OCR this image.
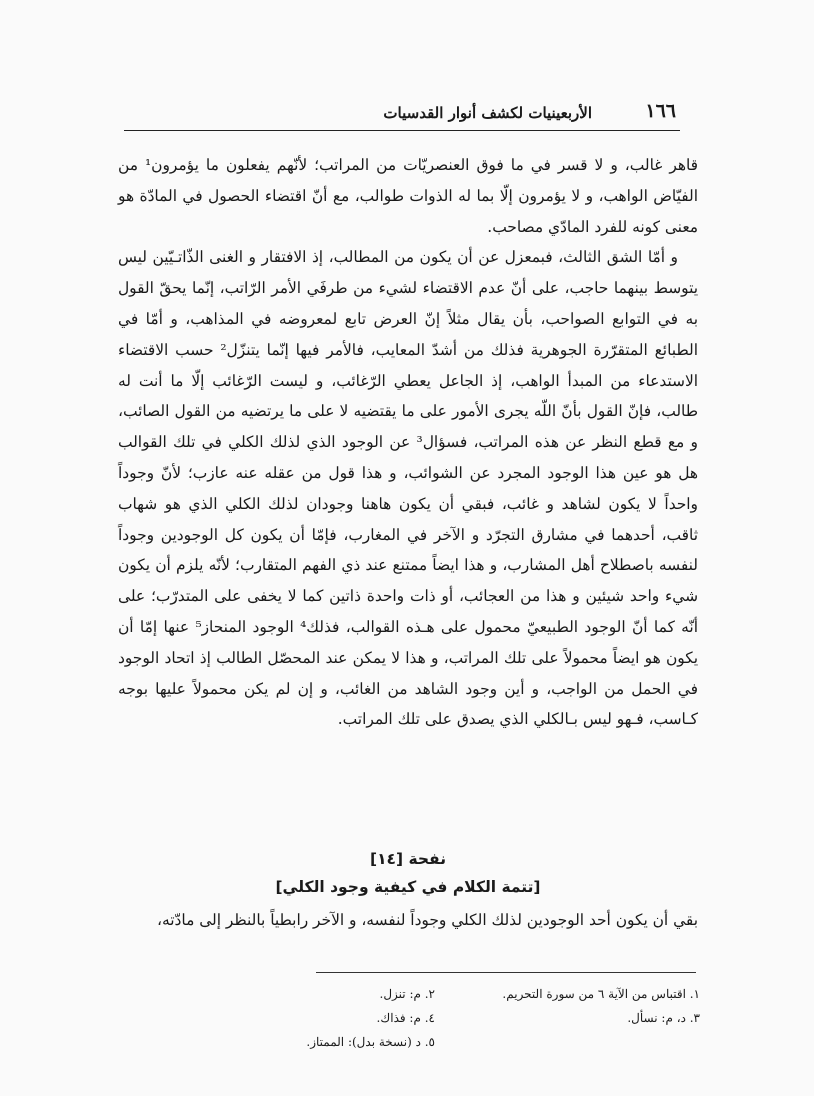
١٦٦
الأربعينيات لكشف أنوار القدسيات

قاهر غالب، و لا قسر في ما فوق العنصريّات من المراتب؛ لأنّهم يفعلون ما يؤمرون¹ من الفيّاض الواهب، و لا يؤمرون إلّا بما له الذوات طوالب، مع أنّ اقتضاء الحصول في المادّة هو معنى كونه للفرد المادّي مصاحب.

و أمّا الشق الثالث، فبمعزل عن أن يكون من المطالب، إذ الافتقار و الغنى الذّاتـيّين ليس يتوسط بينهما حاجب، على أنّ عدم الاقتضاء لشيء من طرفَي الأمر الرّاتب، إنّما يحقّ القول به في التوابع الصواحب، بأن يقال مثلاً إنّ العرض تابع لمعروضه في المذاهب، و أمّا في الطبائع المتقرّرة الجوهرية فذلك من أشدّ المعايب، فالأمر فيها إنّما يتنزّل² حسب الاقتضاء الاستدعاء من المبدأ الواهب، إذ الجاعل يعطي الرّغائب، و ليست الرّغائب إلّا ما أنت له طالب، فإنّ القول بأنّ اللّه يجرى الأمور على ما يقتضيه لا على ما يرتضيه من القول الصائب، و مع قطع النظر عن هذه المراتب، فسؤال³ عن الوجود الذي لذلك الكلي في تلك القوالب هل هو عين هذا الوجود المجرد عن الشوائب، و هذا قول من عقله عنه عازب؛ لأنّ وجوداً واحداً لا يكون لشاهد و غائب، فبقي أن يكون هاهنا وجودان لذلك الكلي الذي هو شهاب ثاقب، أحدهما في مشارق التجرّد و الآخر في المغارب، فإمّا أن يكون كل الوجودين وجوداً لنفسه باصطلاح أهل المشارب، و هذا ايضاً ممتنع عند ذي الفهم المتقارب؛ لأنّه يلزم أن يكون شيء واحد شيئين و هذا من العجائب، أو ذات واحدة ذاتين كما لا يخفى على المتدرّب؛ على أنّه كما أنّ الوجود الطبيعيّ محمول على هـذه القوالب، فذلك⁴ الوجود المنحاز⁵ عنها إمّا أن يكون هو ايضاً محمولاً على تلك المراتب، و هذا لا يمكن عند المحصّل الطالب إذ اتحاد الوجود في الحمل من الواجب، و أين وجود الشاهد من الغائب، و إن لم يكن محمولاً عليها بوجه كـاسب، فـهو ليس بـالكلي الذي يصدق على تلك المراتب.

نفحة [١٤]
[تتمة الكلام في كيفية وجود الكلي]
بقي أن يكون أحد الوجودين لذلك الكلي وجوداً لنفسه، و الآخر رابطياً بالنظر إلى مادّته،
١. اقتباس من الآية ٦ من سورة التحريم.
٢. م: تنزل.
٣. د، م: نسأل.
٤. م: فذاك.
٥. د (نسخة بدل): الممتاز.
